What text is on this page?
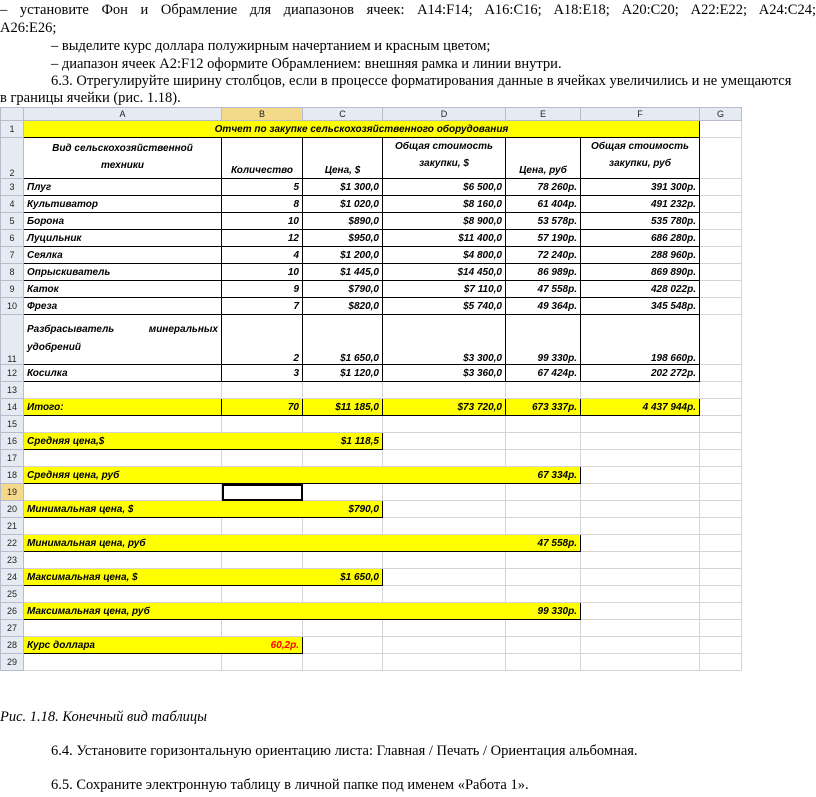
– установите Фон и Обрамление для диапазонов ячеек: A14:F14; A16:C16; A18:E18; A20:C20; A22:E22; A24:C24;
A26:E26;
– выделите курс доллара полужирным начертанием и красным цветом;
– диапазон ячеек A2:F12 оформите Обрамлением: внешняя рамка и линии внутри.
6.3. Отрегулируйте ширину столбцов, если в процессе форматирования данные в ячейках увеличились и не умещаются
в границы ячейки (рис. 1.18).
	A	B	C	D	E	F	G
1	Отчет по закупке сельскохозяйственного оборудования						
2	Вид сельскохозяйственной техники	Количество	Цена, $	Общая стоимость закупки, $	Цена, руб	Общая стоимость закупки, руб	
3	Плуг	5	$1 300,0	$6 500,0	78 260р.	391 300р.	
4	Культиватор	8	$1 020,0	$8 160,0	61 404р.	491 232р.	
5	Борона	10	$890,0	$8 900,0	53 578р.	535 780р.	
6	Луцильник	12	$950,0	$11 400,0	57 190р.	686 280р.	
7	Сеялка	4	$1 200,0	$4 800,0	72 240р.	288 960р.	
8	Опрыскиватель	10	$1 445,0	$14 450,0	86 989р.	869 890р.	
9	Каток	9	$790,0	$7 110,0	47 558р.	428 022р.	
10	Фреза	7	$820,0	$5 740,0	49 364р.	345 548р.	
11	Разбрасыватель минеральных
удобрений	2	$1 650,0	$3 300,0	99 330р.	198 660р.	
12	Косилка	3	$1 120,0	$3 360,0	67 424р.	202 272р.	
13							
14	Итого:	70	$11 185,0	$73 720,0	673 337р.	4 437 944р.	
15							
16	Средняя цена,$		$1 118,5				
17							
18	Средняя цена, руб				67 334р.		
19							
20	Минимальная цена, $		$790,0				
21							
22	Минимальная цена, руб				47 558р.		
23							
24	Максимальная цена, $		$1 650,0				
25							
26	Максимальная цена, руб				99 330р.		
27							
28	Курс доллара	60,2р.					
29							
Рис. 1.18. Конечный вид таблицы
6.4. Установите горизонтальную ориентацию листа: Главная / Печать / Ориентация альбомная.
6.5. Сохраните электронную таблицу в личной папке под именем «Работа 1».
